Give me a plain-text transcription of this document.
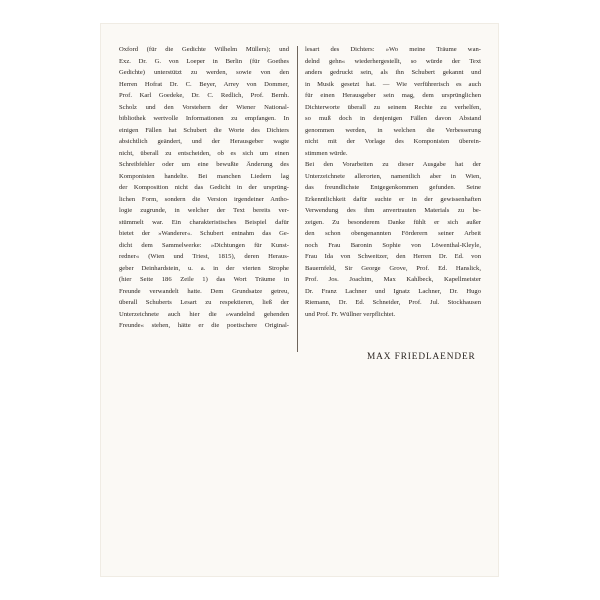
Oxford (für die Gedichte Wilhelm Müllers); und
Exz. Dr. G. von Loeper in Berlin (für Goethes
Gedichte) unterstützt zu werden, sowie von den
Herren Hofrat Dr. C. Beyer, Arrey von Dommer,
Prof. Karl Goedeke, Dr. C. Redlich, Prof. Bernh.
Scholz und den Vorstehern der Wiener National-
bibliothek wertvolle Informationen zu empfangen. In
einigen Fällen hat Schubert die Worte des Dichters
absichtlich geändert, und der Herausgeber wagte
nicht, überall zu entscheiden, ob es sich um einen
Schreibfehler oder um eine bewußte Änderung des
Komponisten handelte. Bei manchen Liedern lag
der Komposition nicht das Gedicht in der ursprüng-
lichen Form, sondern die Version irgendeiner Antho-
logie zugrunde, in welcher der Text bereits ver-
stümmelt war. Ein charakteristisches Beispiel dafür
bietet der »Wanderer«. Schubert entnahm das Ge-
dicht dem Sammelwerke: »Dichtungen für Kunst-
redner« (Wien und Triest, 1815), deren Heraus-
geber Deinhardstein, u. a. in der vierten Strophe
(hier Seite 186 Zeile 1) das Wort Träume in
Freunde verwandelt hatte. Dem Grundsatze getreu,
überall Schuberts Lesart zu respektieren, ließ der
Unterzeichnete auch hier die »wandelnd gehenden
Freunde« stehen, hätte er die poetischere Original-
lesart des Dichters: »Wo meine Träume wan-
delnd gehn« wiederhergestellt, so würde der Text
anders gedruckt sein, als ihn Schubert gekannt und
in Musik gesetzt hat. — Wie verführerisch es auch
für einen Herausgeber sein mag, dem ursprünglichen
Dichterworte überall zu seinem Rechte zu verhelfen,
so muß doch in denjenigen Fällen davon Abstand
genommen werden, in welchen die Verbesserung
nicht mit der Vorlage des Komponisten überein-
stimmen würde.
Bei den Vorarbeiten zu dieser Ausgabe hat der
Unterzeichnete allerorten, namentlich aber in Wien,
das freundlichste Entgegenkommen gefunden. Seine
Erkenntlichkeit dafür suchte er in der gewissenhaften
Verwendung des ihm anvertrauten Materials zu be-
zeigen. Zu besonderem Danke fühlt er sich außer
den schon obengenannten Förderern seiner Arbeit
noch Frau Baronin Sophie von Löwenthal-Kleyle,
Frau Ida von Schweitzer, den Herren Dr. Ed. von
Bauernfeld, Sir George Grove, Prof. Ed. Hanslick,
Prof. Jos. Joachim, Max Kahlbeck, Kapellmeister
Dr. Franz Lachner und Ignatz Lachner, Dr. Hugo
Riemann, Dr. Ed. Schneider, Prof. Jul. Stockhausen
und Prof. Fr. Wüllner verpflichtet.
MAX FRIEDLAENDER
